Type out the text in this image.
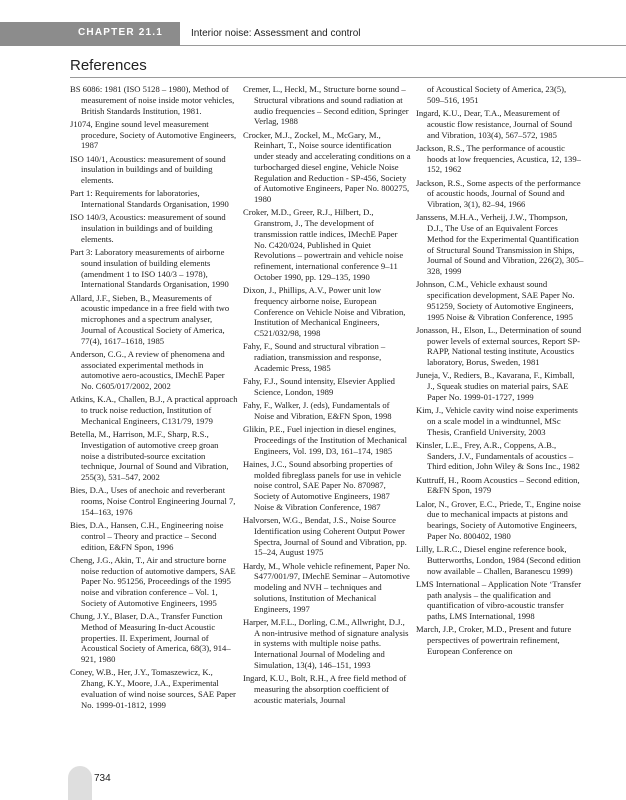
CHAPTER 21.1	Interior noise: Assessment and control
References

BS 6086: 1981 (ISO 5128 – 1980), Method of measurement of noise inside motor vehicles, British Standards Institution, 1981.

J1074, Engine sound level measurement procedure, Society of Automotive Engineers, 1987

ISO 140/1, Acoustics: measurement of sound insulation in buildings and of building elements.

Part 1: Requirements for laboratories, International Standards Organisation, 1990

ISO 140/3, Acoustics: measurement of sound insulation in buildings and of building elements.

Part 3: Laboratory measurements of airborne sound insulation of building elements (amendment 1 to ISO 140/3 – 1978), International Standards Organisation, 1990

Allard, J.F., Sieben, B., Measurements of acoustic impedance in a free field with two microphones and a spectrum analyser, Journal of Acoustical Society of America, 77(4), 1617–1618, 1985

Anderson, C.G., A review of phenomena and associated experimental methods in automotive aero-acoustics, IMechE Paper No. C605/017/2002, 2002

Atkins, K.A., Challen, B.J., A practical approach to truck noise reduction, Institution of Mechanical Engineers, C131/79, 1979

Betella, M., Harrison, M.F., Sharp, R.S., Investigation of automotive creep groan noise a distributed-source excitation technique, Journal of Sound and Vibration, 255(3), 531–547, 2002

Bies, D.A., Uses of anechoic and reverberant rooms, Noise Control Engineering Journal 7, 154–163, 1976

Bies, D.A., Hansen, C.H., Engineering noise control – Theory and practice – Second edition, E&FN Spon, 1996

Cheng, J.G., Akin, T., Air and structure borne noise reduction of automotive dampers, SAE Paper No. 951256, Proceedings of the 1995 noise and vibration conference – Vol. 1, Society of Automotive Engineers, 1995

Chung, J.Y., Blaser, D.A., Transfer Function Method of Measuring In-duct Acoustic properties. II. Experiment, Journal of Acoustical Society of America, 68(3), 914–921, 1980

Coney, W.B., Her, J.Y., Tomaszewicz, K., Zhang, K.Y., Moore, J.A., Experimental evaluation of wind noise sources, SAE Paper No. 1999-01-1812, 1999

Cremer, L., Heckl, M., Structure borne sound – Structural vibrations and sound radiation at audio frequencies – Second edition, Springer Verlag, 1988

Crocker, M.J., Zockel, M., McGary, M., Reinhart, T., Noise source identification under steady and accelerating conditions on a turbocharged diesel engine, Vehicle Noise Regulation and Reduction - SP-456, Society of Automotive Engineers, Paper No. 800275, 1980

Croker, M.D., Greer, R.J., Hilbert, D., Granstrom, J., The development of transmission rattle indices, IMechE Paper No. C420/024, Published in Quiet Revolutions – powertrain and vehicle noise refinement, international conference 9–11 October 1990, pp. 129–135, 1990

Dixon, J., Phillips, A.V., Power unit low frequency airborne noise, European Conference on Vehicle Noise and Vibration, Institution of Mechanical Engineers, C521/032/98, 1998

Fahy, F., Sound and structural vibration – radiation, transmission and response, Academic Press, 1985

Fahy, F.J., Sound intensity, Elsevier Applied Science, London, 1989

Fahy, F., Walker, J. (eds), Fundamentals of Noise and Vibration, E&FN Spon, 1998

Glikin, P.E., Fuel injection in diesel engines, Proceedings of the Institution of Mechanical Engineers, Vol. 199, D3, 161–174, 1985

Haines, J.C., Sound absorbing properties of molded fibreglass panels for use in vehicle noise control, SAE Paper No. 870987, Society of Automotive Engineers, 1987 Noise & Vibration Conference, 1987

Halvorsen, W.G., Bendat, J.S., Noise Source Identification using Coherent Output Power Spectra, Journal of Sound and Vibration, pp. 15–24, August 1975

Hardy, M., Whole vehicle refinement, Paper No. S477/001/97, IMechE Seminar – Automotive modeling and NVH – techniques and solutions, Institution of Mechanical Engineers, 1997

Harper, M.F.L., Dorling, C.M., Allwright, D.J., A non-intrusive method of signature analysis in systems with multiple noise paths. International Journal of Modeling and Simulation, 13(4), 146–151, 1993

Ingard, K.U., Bolt, R.H., A free field method of measuring the absorption coefficient of acoustic materials, Journal

of Acoustical Society of America, 23(5), 509–516, 1951

Ingard, K.U., Dear, T.A., Measurement of acoustic flow resistance, Journal of Sound and Vibration, 103(4), 567–572, 1985

Jackson, R.S., The performance of acoustic hoods at low frequencies, Acustica, 12, 139–152, 1962

Jackson, R.S., Some aspects of the performance of acoustic hoods, Journal of Sound and Vibration, 3(1), 82–94, 1966

Janssens, M.H.A., Verheij, J.W., Thompson, D.J., The Use of an Equivalent Forces Method for the Experimental Quantification of Structural Sound Transmission in Ships, Journal of Sound and Vibration, 226(2), 305–328, 1999

Johnson, C.M., Vehicle exhaust sound specification development, SAE Paper No. 951259, Society of Automotive Engineers, 1995 Noise & Vibration Conference, 1995

Jonasson, H., Elson, L., Determination of sound power levels of external sources, Report SP-RAPP, National testing institute, Acoustics laboratory, Borus, Sweden, 1981

Juneja, V., Rediers, B., Kavarana, F., Kimball, J., Squeak studies on material pairs, SAE Paper No. 1999-01-1727, 1999

Kim, J., Vehicle cavity wind noise experiments on a scale model in a windtunnel, MSc Thesis, Cranfield University, 2003

Kinsler, L.E., Frey, A.R., Coppens, A.B., Sanders, J.V., Fundamentals of acoustics – Third edition, John Wiley & Sons Inc., 1982

Kuttruff, H., Room Acoustics – Second edition, E&FN Spon, 1979

Lalor, N., Grover, E.C., Priede, T., Engine noise due to mechanical impacts at pistons and bearings, Society of Automotive Engineers, Paper No. 800402, 1980

Lilly, L.R.C., Diesel engine reference book, Butterworths, London, 1984 (Second edition now available – Challen, Baranescu 1999)

LMS International – Application Note ‘Transfer path analysis – the qualification and quantification of vibro-acoustic transfer paths, LMS International, 1998

March, J.P., Croker, M.D., Present and future perspectives of powertrain refinement, European Conference on

734
